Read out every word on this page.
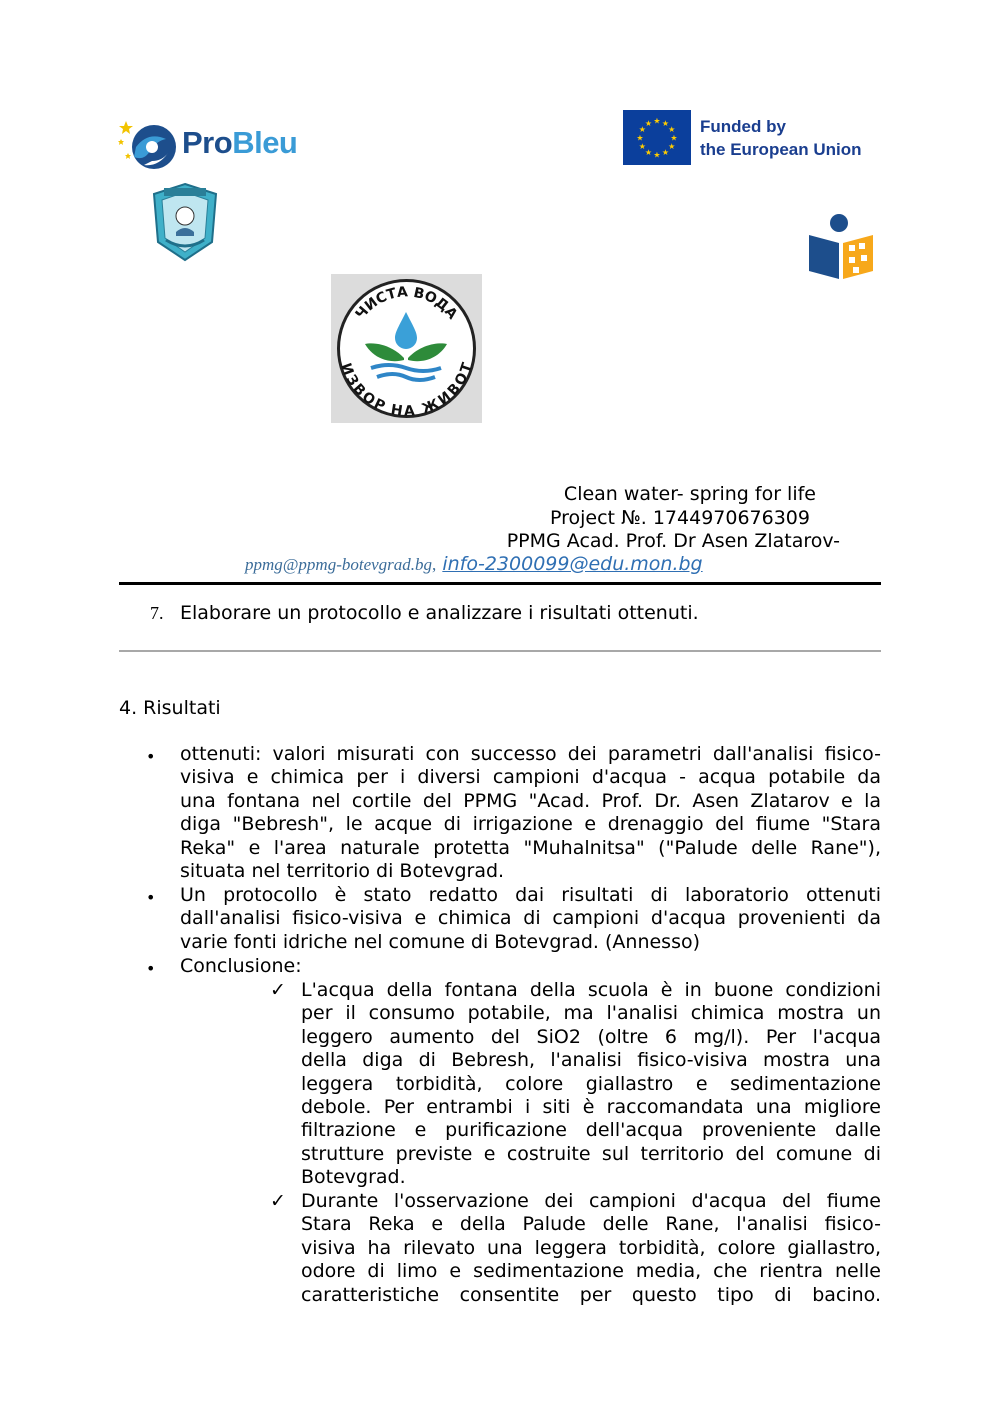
ProBleu
★ ★
★
★
★
★
★
★
★
★
★
★	Funded by
the European Union
ЧИСТА ВОДА
ИЗВОР НА ЖИВОТ
Clean water- spring for life
Project №. 1744970676309
PPMG Acad. Prof. Dr Asen Zlatarov-
ppmg@ppmg-botevgrad.bg, info-2300099@edu.mon.bg
7. Elaborare un protocollo e analizzare i risultati ottenuti.
4. Risultati
• ottenuti: valori misurati con successo dei parametri dall'analisi fisico-
visiva e chimica per i diversi campioni d'acqua - acqua potabile da
una fontana nel cortile del PPMG "Acad. Prof. Dr. Asen Zlatarov e la
diga "Bebresh", le acque di irrigazione e drenaggio del fiume "Stara
Reka" e l'area naturale protetta "Muhalnitsa" ("Palude delle Rane"),
situata nel territorio di Botevgrad.
• Un protocollo è stato redatto dai risultati di laboratorio ottenuti
dall'analisi fisico-visiva e chimica di campioni d'acqua provenienti da
varie fonti idriche nel comune di Botevgrad. (Annesso)
• Conclusione:
✓ L'acqua della fontana della scuola è in buone condizioni
per il consumo potabile, ma l'analisi chimica mostra un
leggero aumento del SiO2 (oltre 6 mg/l). Per l'acqua
della diga di Bebresh, l'analisi fisico-visiva mostra una
leggera torbidità, colore giallastro e sedimentazione
debole. Per entrambi i siti è raccomandata una migliore
filtrazione e purificazione dell'acqua proveniente dalle
strutture previste e costruite sul territorio del comune di
Botevgrad.
✓ Durante l'osservazione dei campioni d'acqua del fiume
Stara Reka e della Palude delle Rane, l'analisi fisico-
visiva ha rilevato una leggera torbidità, colore giallastro,
odore di limo e sedimentazione media, che rientra nelle
caratteristiche consentite per questo tipo di bacino.
